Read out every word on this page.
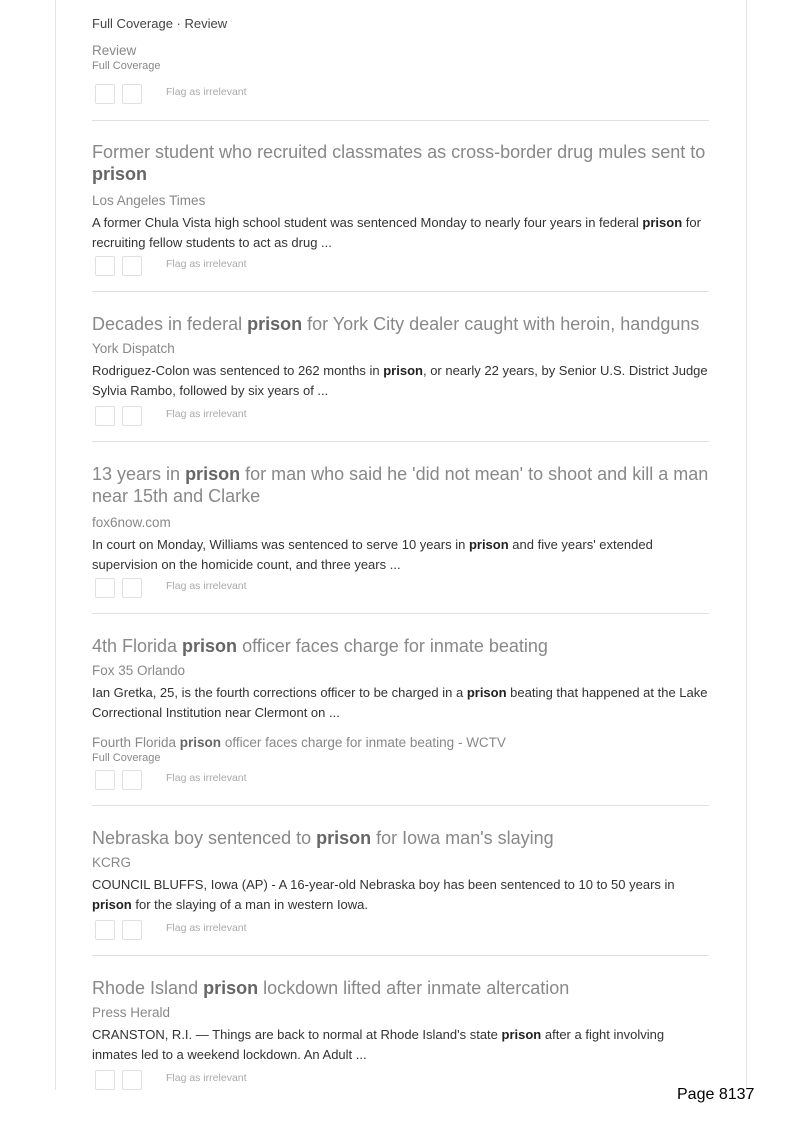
Full Coverage · Review
Review
Full Coverage
Flag as irrelevant
Former student who recruited classmates as cross-border drug mules sent to prison
Los Angeles Times
A former Chula Vista high school student was sentenced Monday to nearly four years in federal prison for recruiting fellow students to act as drug ...
Flag as irrelevant
Decades in federal prison for York City dealer caught with heroin, handguns
York Dispatch
Rodriguez-Colon was sentenced to 262 months in prison, or nearly 22 years, by Senior U.S. District Judge Sylvia Rambo, followed by six years of ...
Flag as irrelevant
13 years in prison for man who said he 'did not mean' to shoot and kill a man near 15th and Clarke
fox6now.com
In court on Monday, Williams was sentenced to serve 10 years in prison and five years' extended supervision on the homicide count, and three years ...
Flag as irrelevant
4th Florida prison officer faces charge for inmate beating
Fox 35 Orlando
Ian Gretka, 25, is the fourth corrections officer to be charged in a prison beating that happened at the Lake Correctional Institution near Clermont on ...
Fourth Florida prison officer faces charge for inmate beating - WCTV
Full Coverage
Flag as irrelevant
Nebraska boy sentenced to prison for Iowa man's slaying
KCRG
COUNCIL BLUFFS, Iowa (AP) - A 16-year-old Nebraska boy has been sentenced to 10 to 50 years in prison for the slaying of a man in western Iowa.
Flag as irrelevant
Rhode Island prison lockdown lifted after inmate altercation
Press Herald
CRANSTON, R.I. — Things are back to normal at Rhode Island's state prison after a fight involving inmates led to a weekend lockdown. An Adult ...
Flag as irrelevant
Page 8137
